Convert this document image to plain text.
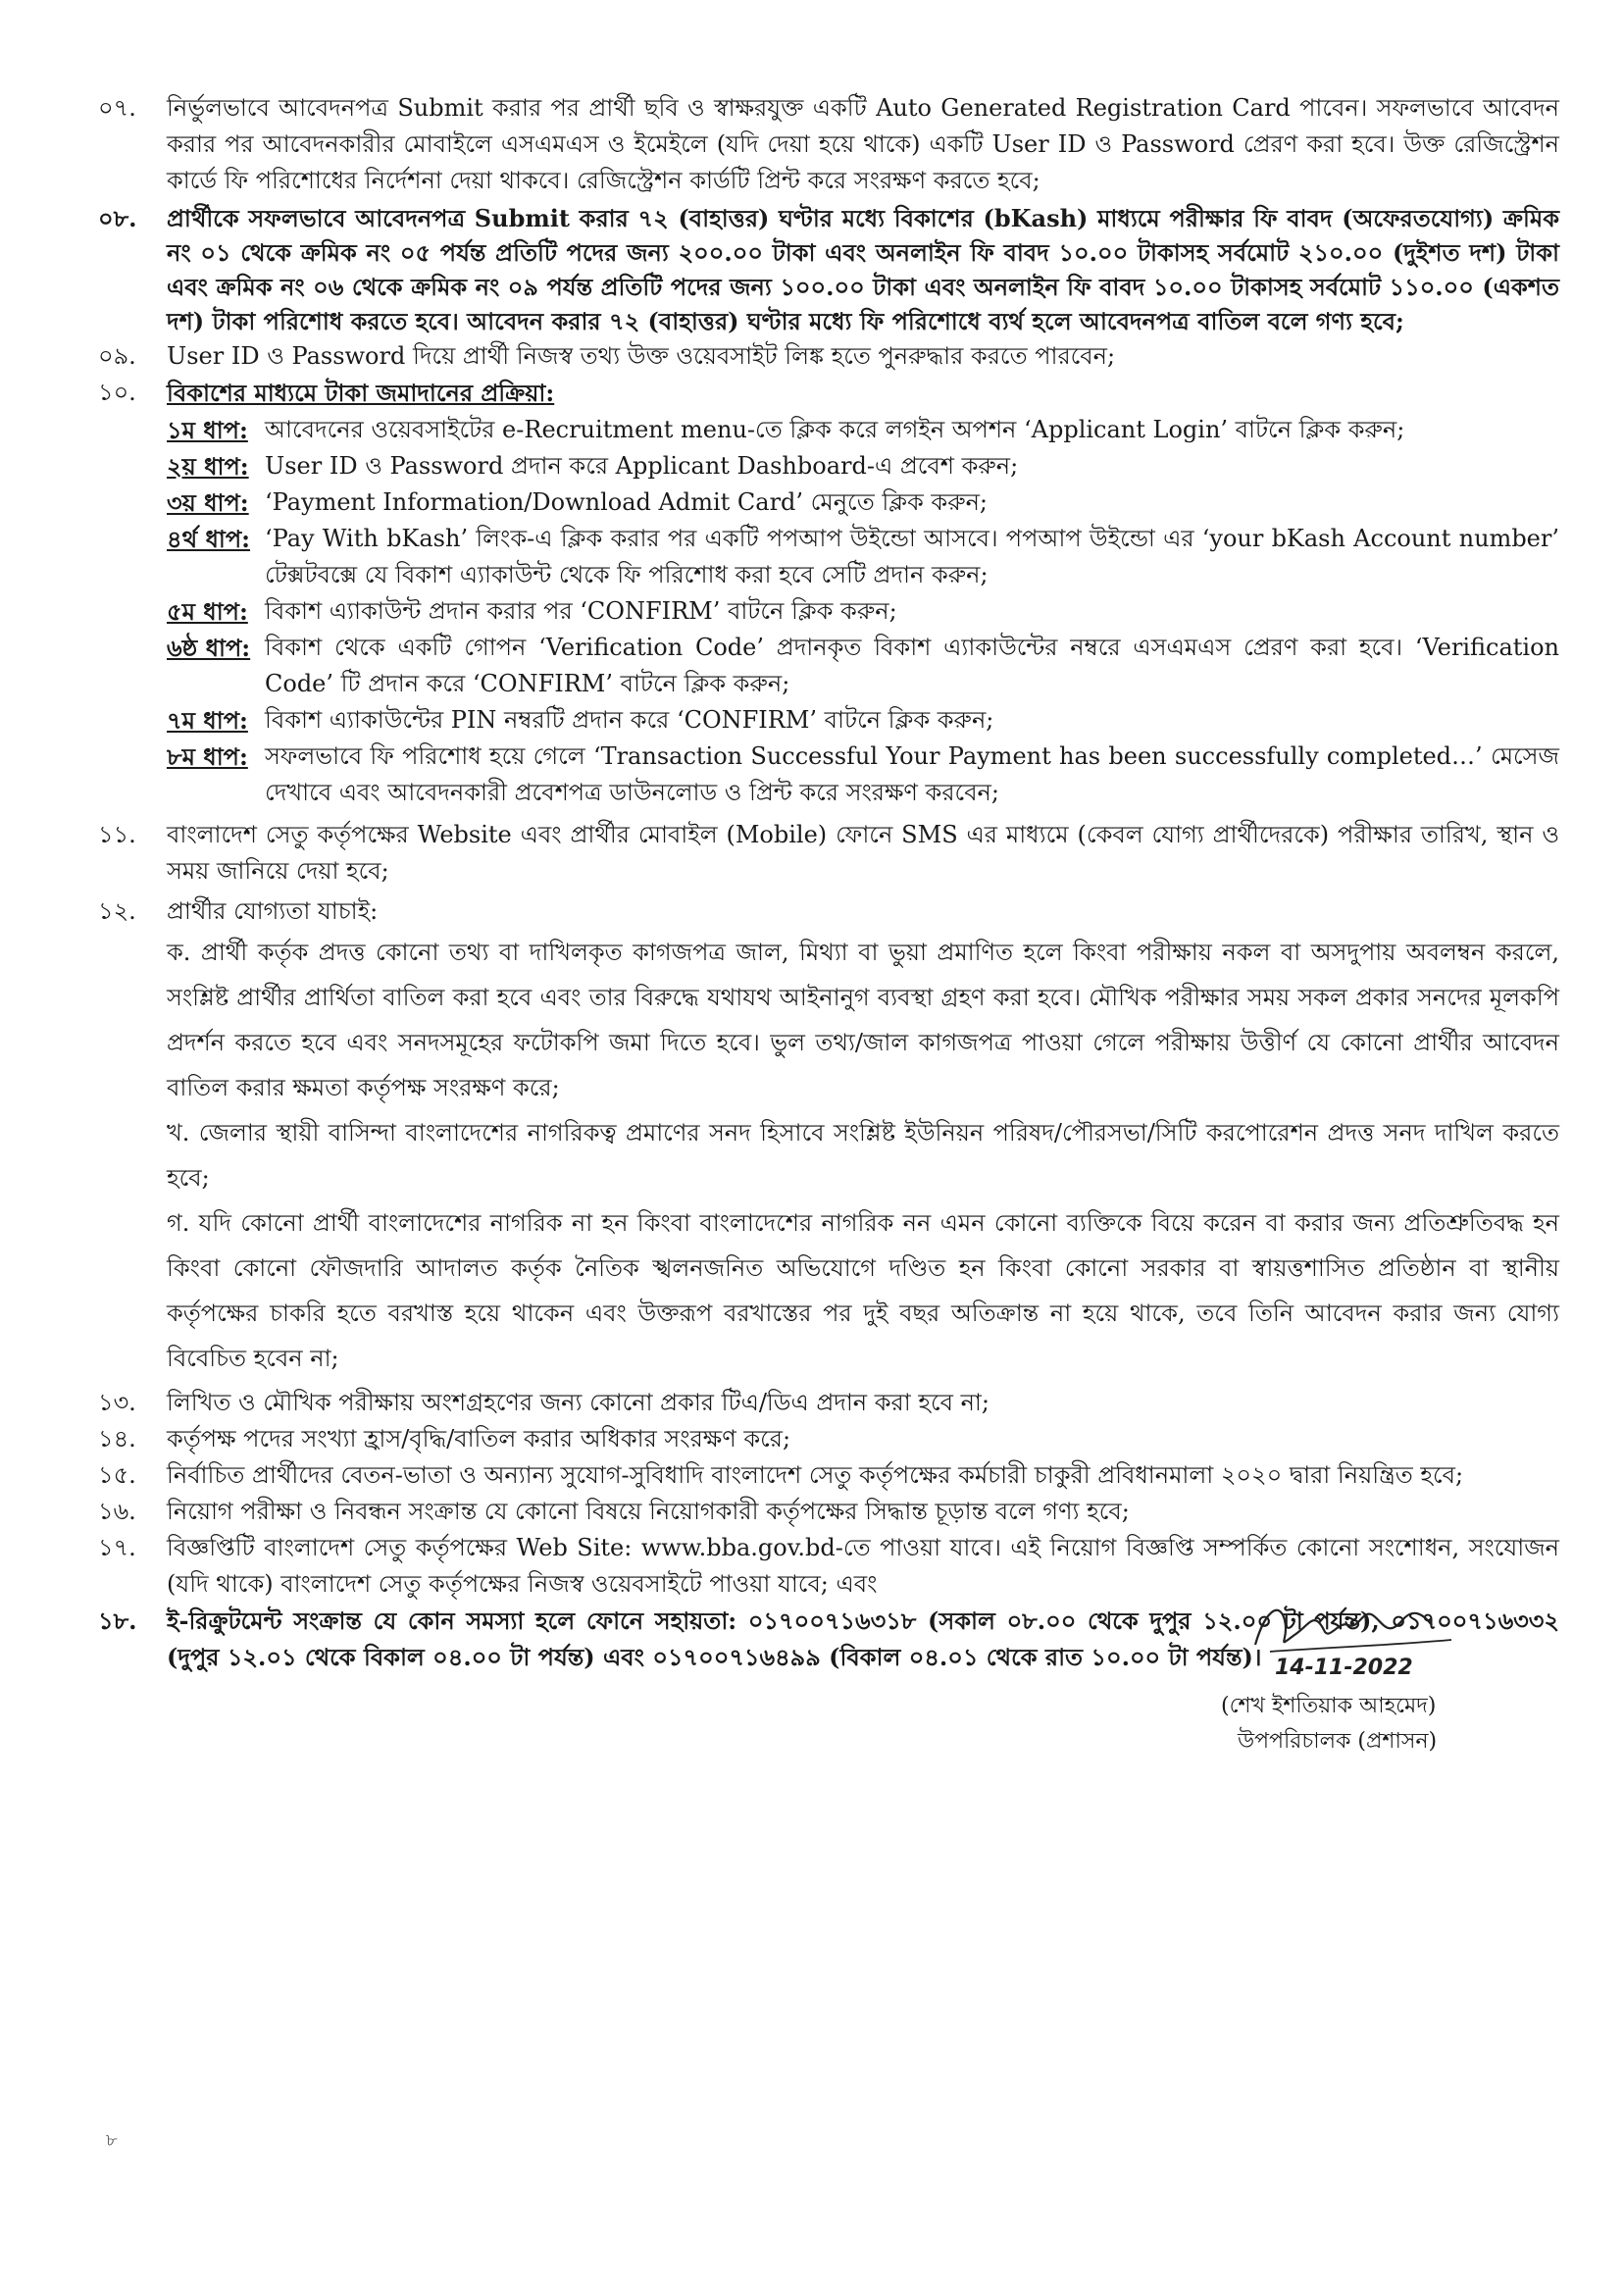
০৭.	নির্ভুলভাবে আবেদনপত্র Submit করার পর প্রার্থী ছবি ও স্বাক্ষরযুক্ত একটি Auto Generated Registration Card পাবেন। সফলভাবে আবেদন করার পর আবেদনকারীর মোবাইলে এসএমএস ও ইমেইলে (যদি দেয়া হয়ে থাকে) একটি User ID ও Password প্রেরণ করা হবে। উক্ত রেজিস্ট্রেশন কার্ডে ফি পরিশোধের নির্দেশনা দেয়া থাকবে। রেজিস্ট্রেশন কার্ডটি প্রিন্ট করে সংরক্ষণ করতে হবে;
০৮.	প্রার্থীকে সফলভাবে আবেদনপত্র Submit করার ৭২ (বাহাত্তর) ঘণ্টার মধ্যে বিকাশের (bKash) মাধ্যমে পরীক্ষার ফি বাবদ (অফেরতযোগ্য) ক্রমিক নং ০১ থেকে ক্রমিক নং ০৫ পর্যন্ত প্রতিটি পদের জন্য ২০০.০০ টাকা এবং অনলাইন ফি বাবদ ১০.০০ টাকাসহ সর্বমোট ২১০.০০ (দুইশত দশ) টাকা এবং ক্রমিক নং ০৬ থেকে ক্রমিক নং ০৯ পর্যন্ত প্রতিটি পদের জন্য ১০০.০০ টাকা এবং অনলাইন ফি বাবদ ১০.০০ টাকাসহ সর্বমোট ১১০.০০ (একশত দশ) টাকা পরিশোধ করতে হবে। আবেদন করার ৭২ (বাহাত্তর) ঘণ্টার মধ্যে ফি পরিশোধে ব্যর্থ হলে আবেদনপত্র বাতিল বলে গণ্য হবে;
০৯.	User ID ও Password দিয়ে প্রার্থী নিজস্ব তথ্য উক্ত ওয়েবসাইট লিঙ্ক হতে পুনরুদ্ধার করতে পারবেন;
১০.	বিকাশের মাধ্যমে টাকা জমাদানের প্রক্রিয়া:
১ম ধাপ: আবেদনের ওয়েবসাইটের e-Recruitment menu-তে ক্লিক করে লগইন অপশন ‘Applicant Login’ বাটনে ক্লিক করুন;
২য় ধাপ: User ID ও Password প্রদান করে Applicant Dashboard-এ প্রবেশ করুন;
৩য় ধাপ: ‘Payment Information/Download Admit Card’ মেনুতে ক্লিক করুন;
৪র্থ ধাপ: ‘Pay With bKash’ লিংক-এ ক্লিক করার পর একটি পপআপ উইন্ডো আসবে। পপআপ উইন্ডো এর ‘your bKash Account number’ টেক্সটবক্সে যে বিকাশ এ্যাকাউন্ট থেকে ফি পরিশোধ করা হবে সেটি প্রদান করুন;
৫ম ধাপ: বিকাশ এ্যাকাউন্ট প্রদান করার পর ‘CONFIRM’ বাটনে ক্লিক করুন;
৬ষ্ঠ ধাপ: বিকাশ থেকে একটি গোপন ‘Verification Code’ প্রদানকৃত বিকাশ এ্যাকাউন্টের নম্বরে এসএমএস প্রেরণ করা হবে। ‘Verification Code’ টি প্রদান করে ‘CONFIRM’ বাটনে ক্লিক করুন;
৭ম ধাপ: বিকাশ এ্যাকাউন্টের PIN নম্বরটি প্রদান করে ‘CONFIRM’ বাটনে ক্লিক করুন;
৮ম ধাপ: সফলভাবে ফি পরিশোধ হয়ে গেলে ‘Transaction Successful Your Payment has been successfully completed…’ মেসেজ দেখাবে এবং আবেদনকারী প্রবেশপত্র ডাউনলোড ও প্রিন্ট করে সংরক্ষণ করবেন;
১১.	বাংলাদেশ সেতু কর্তৃপক্ষের Website এবং প্রার্থীর মোবাইল (Mobile) ফোনে SMS এর মাধ্যমে (কেবল যোগ্য প্রার্থীদেরকে) পরীক্ষার তারিখ, স্থান ও সময় জানিয়ে দেয়া হবে;
১২.	প্রার্থীর যোগ্যতা যাচাই:

ক. প্রার্থী কর্তৃক প্রদত্ত কোনো তথ্য বা দাখিলকৃত কাগজপত্র জাল, মিথ্যা বা ভুয়া প্রমাণিত হলে কিংবা পরীক্ষায় নকল বা অসদুপায় অবলম্বন করলে, সংশ্লিষ্ট প্রার্থীর প্রার্থিতা বাতিল করা হবে এবং তার বিরুদ্ধে যথাযথ আইনানুগ ব্যবস্থা গ্রহণ করা হবে। মৌখিক পরীক্ষার সময় সকল প্রকার সনদের মূলকপি প্রদর্শন করতে হবে এবং সনদসমূহের ফটোকপি জমা দিতে হবে। ভুল তথ্য/জাল কাগজপত্র পাওয়া গেলে পরীক্ষায় উত্তীর্ণ যে কোনো প্রার্থীর আবেদন বাতিল করার ক্ষমতা কর্তৃপক্ষ সংরক্ষণ করে;

খ. জেলার স্থায়ী বাসিন্দা বাংলাদেশের নাগরিকত্ব প্রমাণের সনদ হিসাবে সংশ্লিষ্ট ইউনিয়ন পরিষদ/পৌরসভা/সিটি করপোরেশন প্রদত্ত সনদ দাখিল করতে হবে;

গ. যদি কোনো প্রার্থী বাংলাদেশের নাগরিক না হন কিংবা বাংলাদেশের নাগরিক নন এমন কোনো ব্যক্তিকে বিয়ে করেন বা করার জন্য প্রতিশ্রুতিবদ্ধ হন কিংবা কোনো ফৌজদারি আদালত কর্তৃক নৈতিক স্খলনজনিত অভিযোগে দণ্ডিত হন কিংবা কোনো সরকার বা স্বায়ত্তশাসিত প্রতিষ্ঠান বা স্থানীয় কর্তৃপক্ষের চাকরি হতে বরখাস্ত হয়ে থাকেন এবং উক্তরূপ বরখাস্তের পর দুই বছর অতিক্রান্ত না হয়ে থাকে, তবে তিনি আবেদন করার জন্য যোগ্য বিবেচিত হবেন না;

১৩.	লিখিত ও মৌখিক পরীক্ষায় অংশগ্রহণের জন্য কোনো প্রকার টিএ/ডিএ প্রদান করা হবে না;
১৪.	কর্তৃপক্ষ পদের সংখ্যা হ্রাস/বৃদ্ধি/বাতিল করার অধিকার সংরক্ষণ করে;
১৫.	নির্বাচিত প্রার্থীদের বেতন-ভাতা ও অন্যান্য সুযোগ-সুবিধাদি বাংলাদেশ সেতু কর্তৃপক্ষের কর্মচারী চাকুরী প্রবিধানমালা ২০২০ দ্বারা নিয়ন্ত্রিত হবে;
১৬.	নিয়োগ পরীক্ষা ও নিবন্ধন সংক্রান্ত যে কোনো বিষয়ে নিয়োগকারী কর্তৃপক্ষের সিদ্ধান্ত চূড়ান্ত বলে গণ্য হবে;
১৭.	বিজ্ঞপ্তিটি বাংলাদেশ সেতু কর্তৃপক্ষের Web Site: www.bba.gov.bd-তে পাওয়া যাবে। এই নিয়োগ বিজ্ঞপ্তি সম্পর্কিত কোনো সংশোধন, সংযোজন (যদি থাকে) বাংলাদেশ সেতু কর্তৃপক্ষের নিজস্ব ওয়েবসাইটে পাওয়া যাবে; এবং
১৮.	ই-রিক্রুটমেন্ট সংক্রান্ত যে কোন সমস্যা হলে ফোনে সহায়তা: ০১৭০০৭১৬৩১৮ (সকাল ০৮.০০ থেকে দুপুর ১২.০০ টা পর্যন্ত), ০১৭০০৭১৬৩৩২ (দুপুর ১২.০১ থেকে বিকাল ০৪.০০ টা পর্যন্ত) এবং ০১৭০০৭১৬৪৯৯ (বিকাল ০৪.০১ থেকে রাত ১০.০০ টা পর্যন্ত)। 14-11-2022
(শেখ ইশতিয়াক আহমেদ)
উপপরিচালক (প্রশাসন)
৮
